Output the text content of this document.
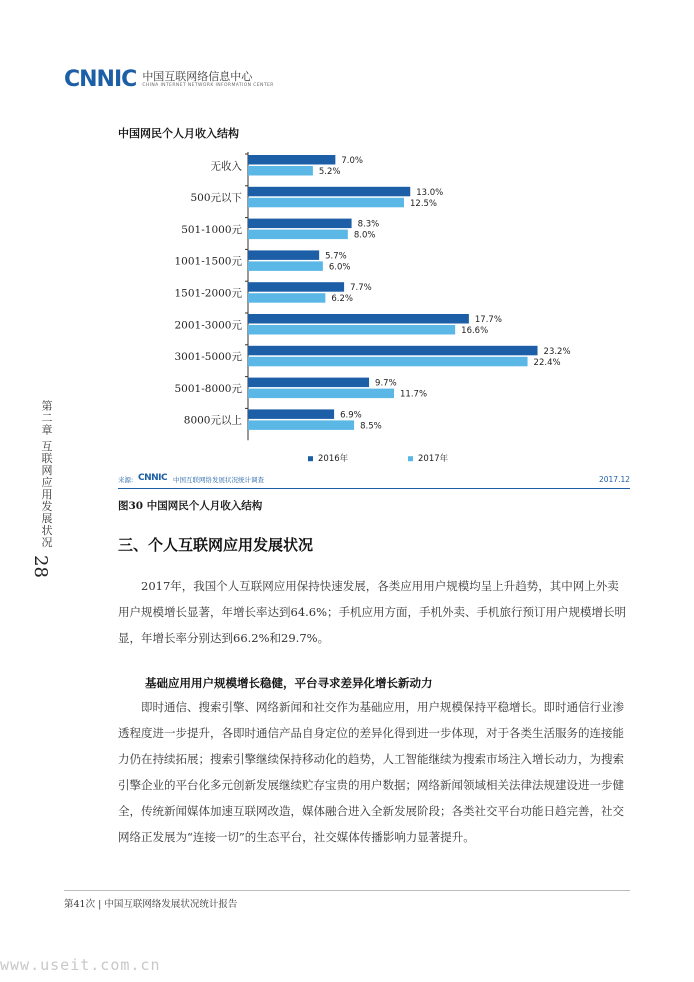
CNNIC 中国互联网络信息中心
CHINA INTERNET NETWORK INFORMATION CENTER
中国网民个人月收入结构
无收入	7.0%
5.2%
500元以下	13.0%
12.5%
501-1000元	8.3%
8.0%
1001-1500元	5.7%
6.0%
1501-2000元	7.7%
6.2%
2001-3000元	17.7%
16.6%
3001-5000元	23.2%
22.4%
5001-8000元	9.7%
11.7%
8000元以上	6.9%
8.5%
2016年	2017年
来源: CNNIC 中国互联网络发展状况统计调查	2017.12
图30 中国网民个人月收入结构
三、个人互联网应用发展状况

2017年，我国个人互联网应用保持快速发展，各类应用用户规模均呈上升趋势，其中网上外卖用户规模增长显著，年增长率达到64.6%；手机应用方面，手机外卖、手机旅行预订用户规模增长明显，年增长率分别达到66.2%和29.7%。

基础应用用户规模增长稳健，平台寻求差异化增长新动力

即时通信、搜索引擎、网络新闻和社交作为基础应用，用户规模保持平稳增长。即时通信行业渗透程度进一步提升，各即时通信产品自身定位的差异化得到进一步体现，对于各类生活服务的连接能力仍在持续拓展；搜索引擎继续保持移动化的趋势，人工智能继续为搜索市场注入增长动力，为搜索引擎企业的平台化多元创新发展继续贮存宝贵的用户数据；网络新闻领域相关法律法规建设进一步健全，传统新闻媒体加速互联网改造，媒体融合进入全新发展阶段；各类社交平台功能日趋完善，社交网络正发展为“连接一切”的生态平台，社交媒体传播影响力显著提升。

第二章 互联网应用发展状况
28
第41次 | 中国互联网络发展状况统计报告
www.useit.com.cn
